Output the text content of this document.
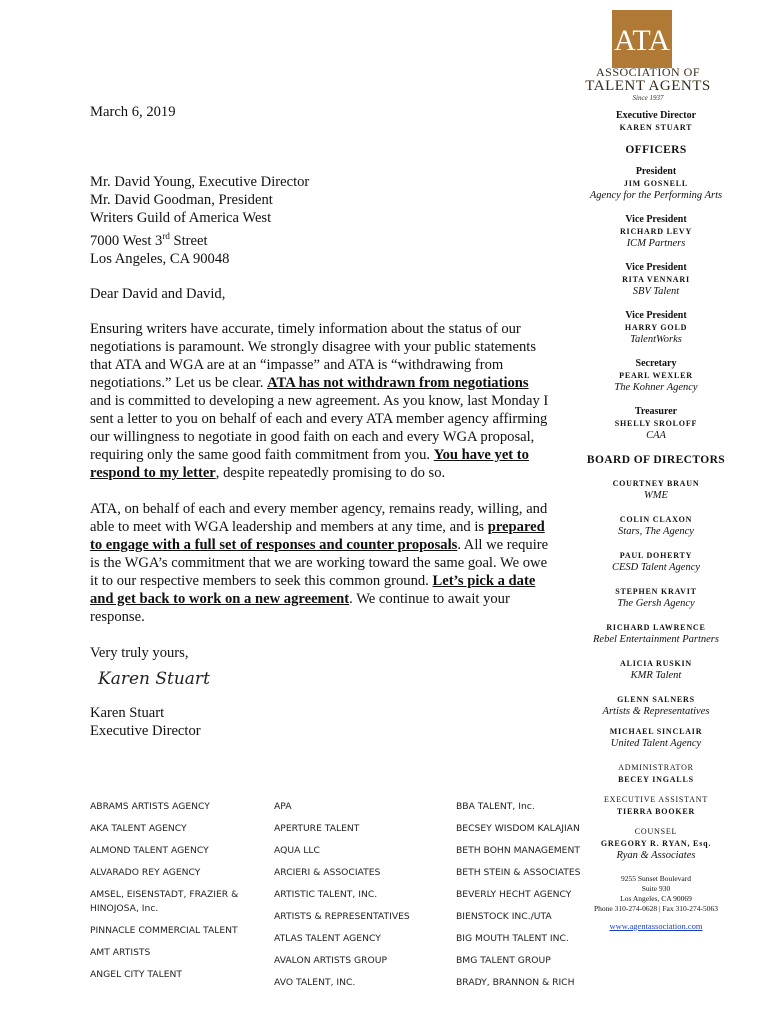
ATA
ASSOCIATION OF
TALENT AGENTS
Since 1937

March 6, 2019

Mr. David Young, Executive Director
Mr. David Goodman, President
Writers Guild of America West
7000 West 3rd Street
Los Angeles, CA 90048

Dear David and David,

Ensuring writers have accurate, timely information about the status of our negotiations is paramount. We strongly disagree with your public statements that ATA and WGA are at an “impasse” and ATA is “withdrawing from negotiations.” Let us be clear. ATA has not withdrawn from negotiations and is committed to developing a new agreement. As you know, last Monday I sent a letter to you on behalf of each and every ATA member agency affirming our willingness to negotiate in good faith on each and every WGA proposal, requiring only the same good faith commitment from you. You have yet to respond to my letter, despite repeatedly promising to do so.

ATA, on behalf of each and every member agency, remains ready, willing, and able to meet with WGA leadership and members at any time, and is prepared to engage with a full set of responses and counter proposals. All we require is the WGA’s commitment that we are working toward the same goal. We owe it to our respective members to seek this common ground. Let’s pick a date and get back to work on a new agreement. We continue to await your response.

Very truly yours,

Karen Stuart

Karen Stuart

Executive Director

Executive Director
KAREN STUART
OFFICERS
President
JIM GOSNELL
Agency for the Performing Arts
Vice President
RICHARD LEVY
ICM Partners
Vice President
RITA VENNARI
SBV Talent
Vice President
HARRY GOLD
TalentWorks
Secretary
PEARL WEXLER
The Kohner Agency
Treasurer
SHELLY SROLOFF
CAA
BOARD OF DIRECTORS
COURTNEY BRAUN
WME
COLIN CLAXON
Stars, The Agency
PAUL DOHERTY
CESD Talent Agency
STEPHEN KRAVIT
The Gersh Agency
RICHARD LAWRENCE
Rebel Entertainment Partners
ALICIA RUSKIN
KMR Talent
GLENN SALNERS
Artists & Representatives
MICHAEL SINCLAIR
United Talent Agency
ADMINISTRATOR
BECEY INGALLS
EXECUTIVE ASSISTANT
TIERRA BOOKER
COUNSEL
GREGORY R. RYAN, Esq.
Ryan & Associates
9255 Sunset Boulevard
Suite 930
Los Angeles, CA 90069
Phone 310-274-0628 | Fax 310-274-5063
www.agentassociation.com
ABRAMS ARTISTS AGENCY
AKA TALENT AGENCY
ALMOND TALENT AGENCY
ALVARADO REY AGENCY
AMSEL, EISENSTADT, FRAZIER &
HINOJOSA, Inc.
PINNACLE COMMERCIAL TALENT
AMT ARTISTS
ANGEL CITY TALENT
APA
APERTURE TALENT
AQUA LLC
ARCIERI & ASSOCIATES
ARTISTIC TALENT, INC.
ARTISTS & REPRESENTATIVES
ATLAS TALENT AGENCY
AVALON ARTISTS GROUP
AVO TALENT, INC.
BBA TALENT, Inc.
BECSEY WISDOM KALAJIAN
BETH BOHN MANAGEMENT
BETH STEIN & ASSOCIATES
BEVERLY HECHT AGENCY
BIENSTOCK INC./UTA
BIG MOUTH TALENT INC.
BMG TALENT GROUP
BRADY, BRANNON & RICH
